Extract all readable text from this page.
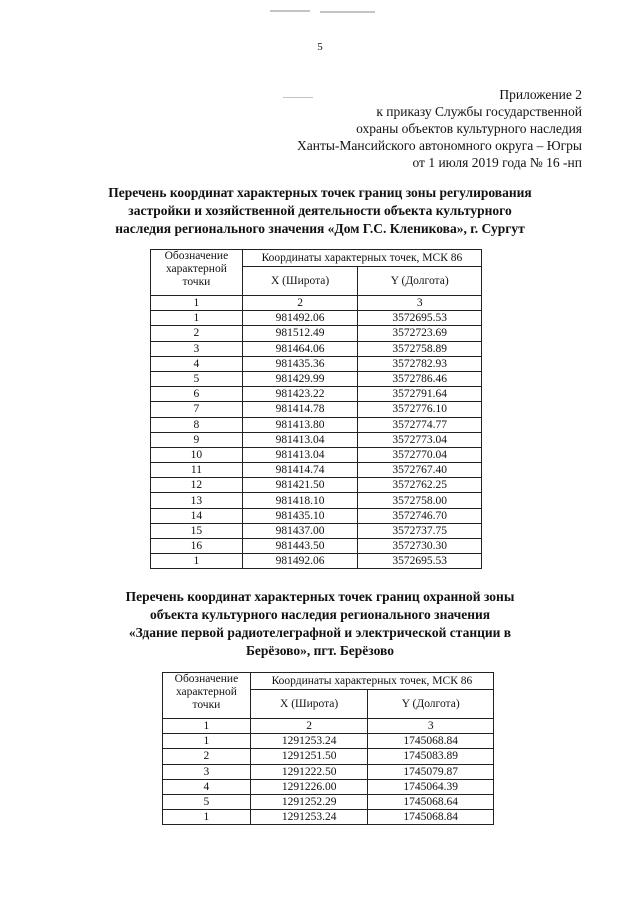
5
Приложение 2
к приказу Службы государственной
охраны объектов культурного наследия
Ханты-Мансийского автономного округа – Югры
от 1 июля 2019 года № 16 -нп
Перечень координат характерных точек границ зоны регулирования
застройки и хозяйственной деятельности объекта культурного
наследия регионального значения «Дом Г.С. Кленикова», г. Сургут
Обозначение характерной точки	Координаты характерных точек, МСК 86	
	X (Широта)	Y (Долгота)
1	2	3
1	981492.06	3572695.53
2	981512.49	3572723.69
3	981464.06	3572758.89
4	981435.36	3572782.93
5	981429.99	3572786.46
6	981423.22	3572791.64
7	981414.78	3572776.10
8	981413.80	3572774.77
9	981413.04	3572773.04
10	981413.04	3572770.04
11	981414.74	3572767.40
12	981421.50	3572762.25
13	981418.10	3572758.00
14	981435.10	3572746.70
15	981437.00	3572737.75
16	981443.50	3572730.30
1	981492.06	3572695.53
Перечень координат характерных точек границ охранной зоны
объекта культурного наследия регионального значения
«Здание первой радиотелеграфной и электрической станции в
Берёзово», пгт. Берёзово
Обозначение характерной точки	Координаты характерных точек, МСК 86	
	X (Широта)	Y (Долгота)
1	2	3
1	1291253.24	1745068.84
2	1291251.50	1745083.89
3	1291222.50	1745079.87
4	1291226.00	1745064.39
5	1291252.29	1745068.64
1	1291253.24	1745068.84
